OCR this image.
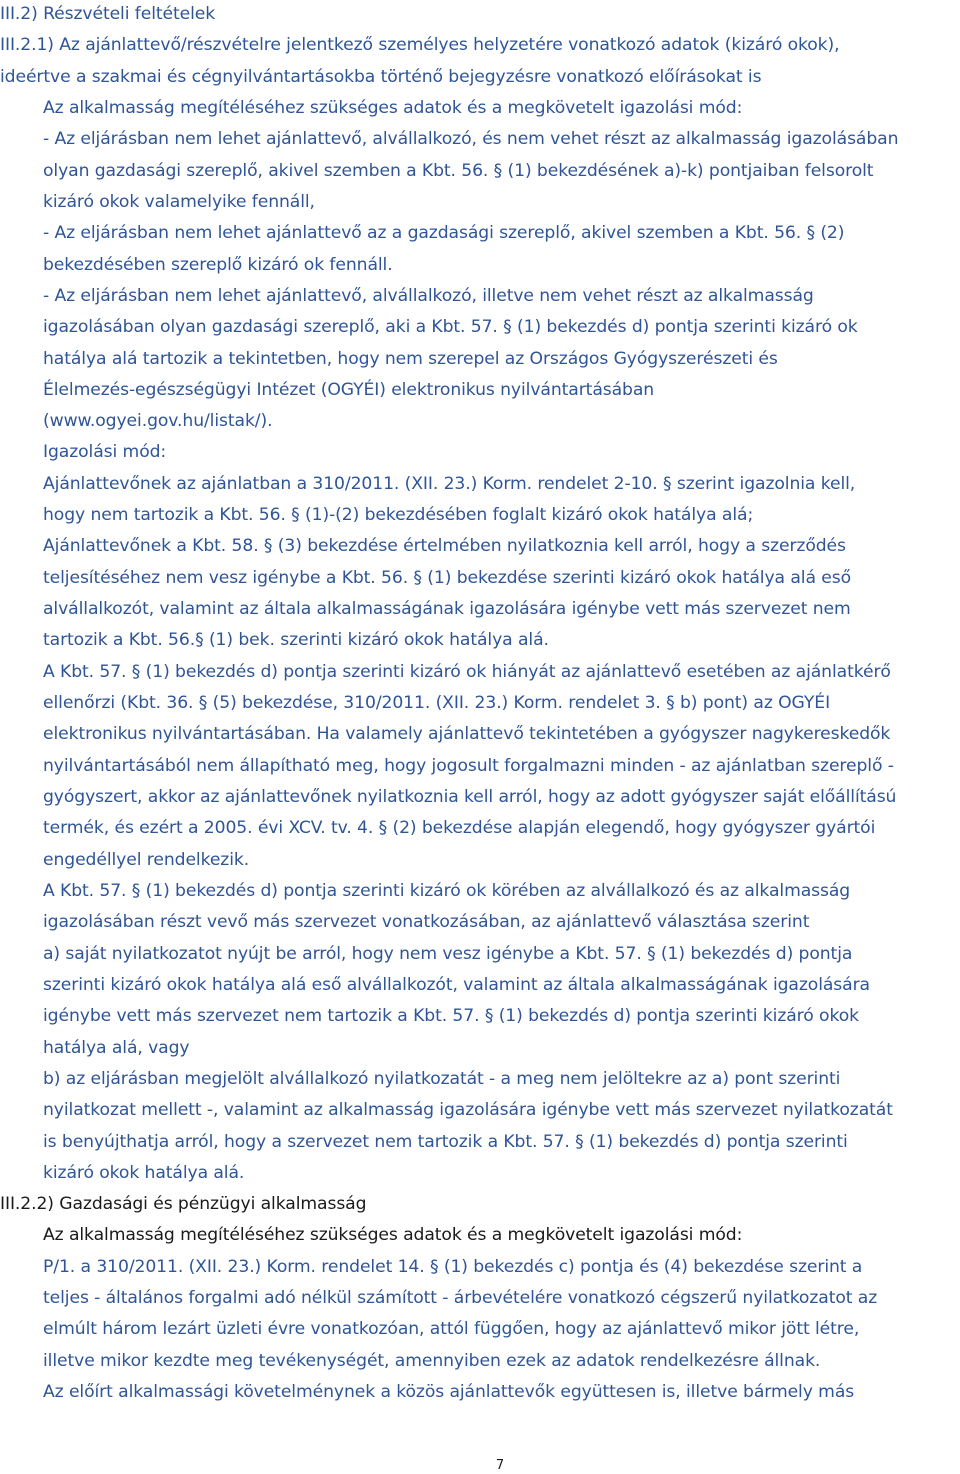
III.2) Részvételi feltételek
III.2.1) Az ajánlattevő/részvételre jelentkező személyes helyzetére vonatkozó adatok (kizáró okok),
ideértve a szakmai és cégnyilvántartásokba történő bejegyzésre vonatkozó előírásokat is
Az alkalmasság megítéléséhez szükséges adatok és a megkövetelt igazolási mód:
- Az eljárásban nem lehet ajánlattevő, alvállalkozó, és nem vehet részt az alkalmasság igazolásában
olyan gazdasági szereplő, akivel szemben a Kbt. 56. § (1) bekezdésének a)-k) pontjaiban felsorolt
kizáró okok valamelyike fennáll,
- Az eljárásban nem lehet ajánlattevő az a gazdasági szereplő, akivel szemben a Kbt. 56. § (2)
bekezdésében szereplő kizáró ok fennáll.
- Az eljárásban nem lehet ajánlattevő, alvállalkozó, illetve nem vehet részt az alkalmasság
igazolásában olyan gazdasági szereplő, aki a Kbt. 57. § (1) bekezdés d) pontja szerinti kizáró ok
hatálya alá tartozik a tekintetben, hogy nem szerepel az Országos Gyógyszerészeti és
Élelmezés-egészségügyi Intézet (OGYÉI) elektronikus nyilvántartásában
(www.ogyei.gov.hu/listak/).
Igazolási mód:
Ajánlattevőnek az ajánlatban a 310/2011. (XII. 23.) Korm. rendelet 2-10. § szerint igazolnia kell,
hogy nem tartozik a Kbt. 56. § (1)-(2) bekezdésében foglalt kizáró okok hatálya alá;
Ajánlattevőnek a Kbt. 58. § (3) bekezdése értelmében nyilatkoznia kell arról, hogy a szerződés
teljesítéséhez nem vesz igénybe a Kbt. 56. § (1) bekezdése szerinti kizáró okok hatálya alá eső
alvállalkozót, valamint az általa alkalmasságának igazolására igénybe vett más szervezet nem
tartozik a Kbt. 56.§ (1) bek. szerinti kizáró okok hatálya alá.
A Kbt. 57. § (1) bekezdés d) pontja szerinti kizáró ok hiányát az ajánlattevő esetében az ajánlatkérő
ellenőrzi (Kbt. 36. § (5) bekezdése, 310/2011. (XII. 23.) Korm. rendelet 3. § b) pont) az OGYÉI
elektronikus nyilvántartásában. Ha valamely ajánlattevő tekintetében a gyógyszer nagykereskedők
nyilvántartásából nem állapítható meg, hogy jogosult forgalmazni minden - az ajánlatban szereplő -
gyógyszert, akkor az ajánlattevőnek nyilatkoznia kell arról, hogy az adott gyógyszer saját előállítású
termék, és ezért a 2005. évi XCV. tv. 4. § (2) bekezdése alapján elegendő, hogy gyógyszer gyártói
engedéllyel rendelkezik.
A Kbt. 57. § (1) bekezdés d) pontja szerinti kizáró ok körében az alvállalkozó és az alkalmasság
igazolásában részt vevő más szervezet vonatkozásában, az ajánlattevő választása szerint
a) saját nyilatkozatot nyújt be arról, hogy nem vesz igénybe a Kbt. 57. § (1) bekezdés d) pontja
szerinti kizáró okok hatálya alá eső alvállalkozót, valamint az általa alkalmasságának igazolására
igénybe vett más szervezet nem tartozik a Kbt. 57. § (1) bekezdés d) pontja szerinti kizáró okok
hatálya alá, vagy
b) az eljárásban megjelölt alvállalkozó nyilatkozatát - a meg nem jelöltekre az a) pont szerinti
nyilatkozat mellett -, valamint az alkalmasság igazolására igénybe vett más szervezet nyilatkozatát
is benyújthatja arról, hogy a szervezet nem tartozik a Kbt. 57. § (1) bekezdés d) pontja szerinti
kizáró okok hatálya alá.
III.2.2) Gazdasági és pénzügyi alkalmasság
Az alkalmasság megítéléséhez szükséges adatok és a megkövetelt igazolási mód:
P/1. a 310/2011. (XII. 23.) Korm. rendelet 14. § (1) bekezdés c) pontja és (4) bekezdése szerint a
teljes - általános forgalmi adó nélkül számított - árbevételére vonatkozó cégszerű nyilatkozatot az
elmúlt három lezárt üzleti évre vonatkozóan, attól függően, hogy az ajánlattevő mikor jött létre,
illetve mikor kezdte meg tevékenységét, amennyiben ezek az adatok rendelkezésre állnak.
Az előírt alkalmassági követelménynek a közös ajánlattevők együttesen is, illetve bármely más
7
